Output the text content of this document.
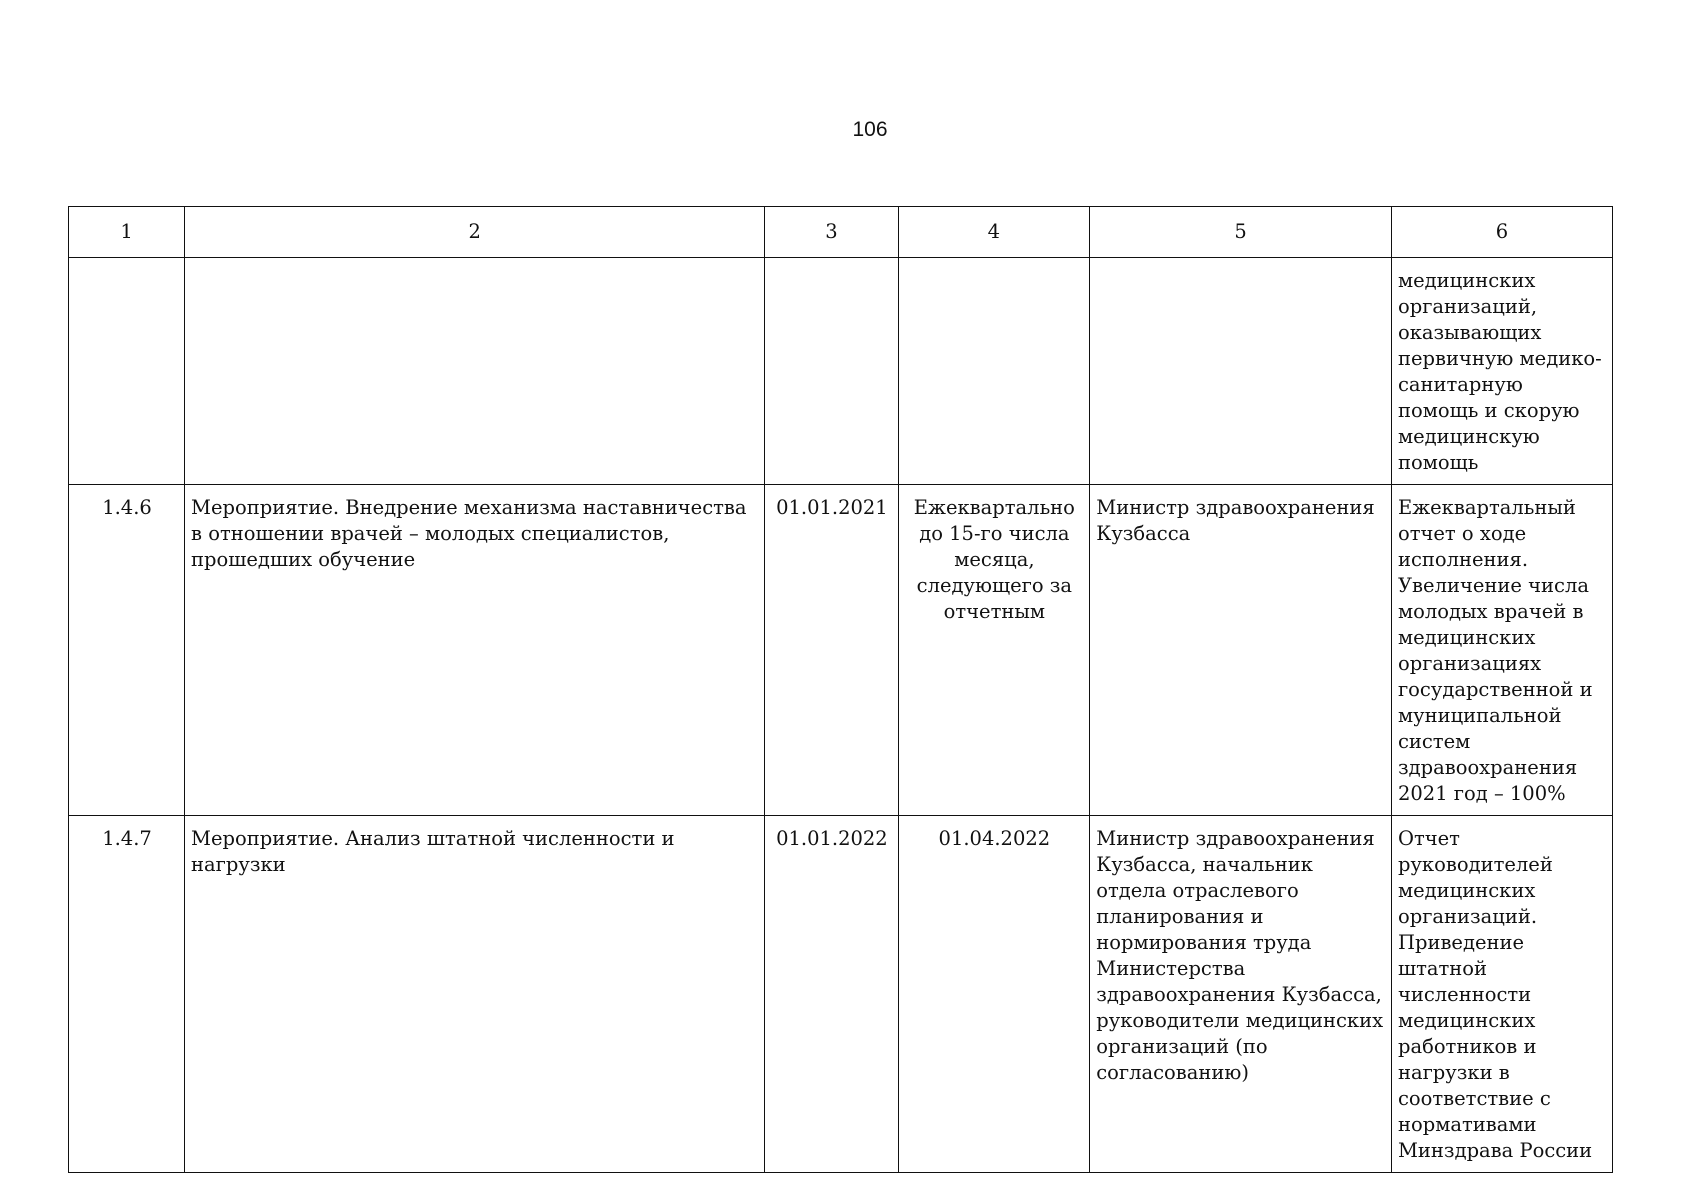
106
1	2	3	4	5	6
					медицинских организаций, оказывающих первичную медико-санитарную помощь и скорую медицинскую помощь
1.4.6	Мероприятие. Внедрение механизма наставничества в отношении врачей – молодых специалистов, прошедших обучение	01.01.2021	Ежеквартально до 15-го числа месяца, следующего за отчетным	Министр здравоохранения Кузбасса	Ежеквартальный отчет о ходе исполнения. Увеличение числа молодых врачей в медицинских организациях государственной и муниципальной систем здравоохранения 2021 год – 100%
1.4.7	Мероприятие. Анализ штатной численности и нагрузки	01.01.2022	01.04.2022	Министр здравоохранения Кузбасса, начальник отдела отраслевого планирования и нормирования труда Министерства здравоохранения Кузбасса, руководители медицинских организаций (по согласованию)	Отчет руководителей медицинских организаций. Приведение штатной численности медицинских работников и нагрузки в соответствие с нормативами Минздрава России
